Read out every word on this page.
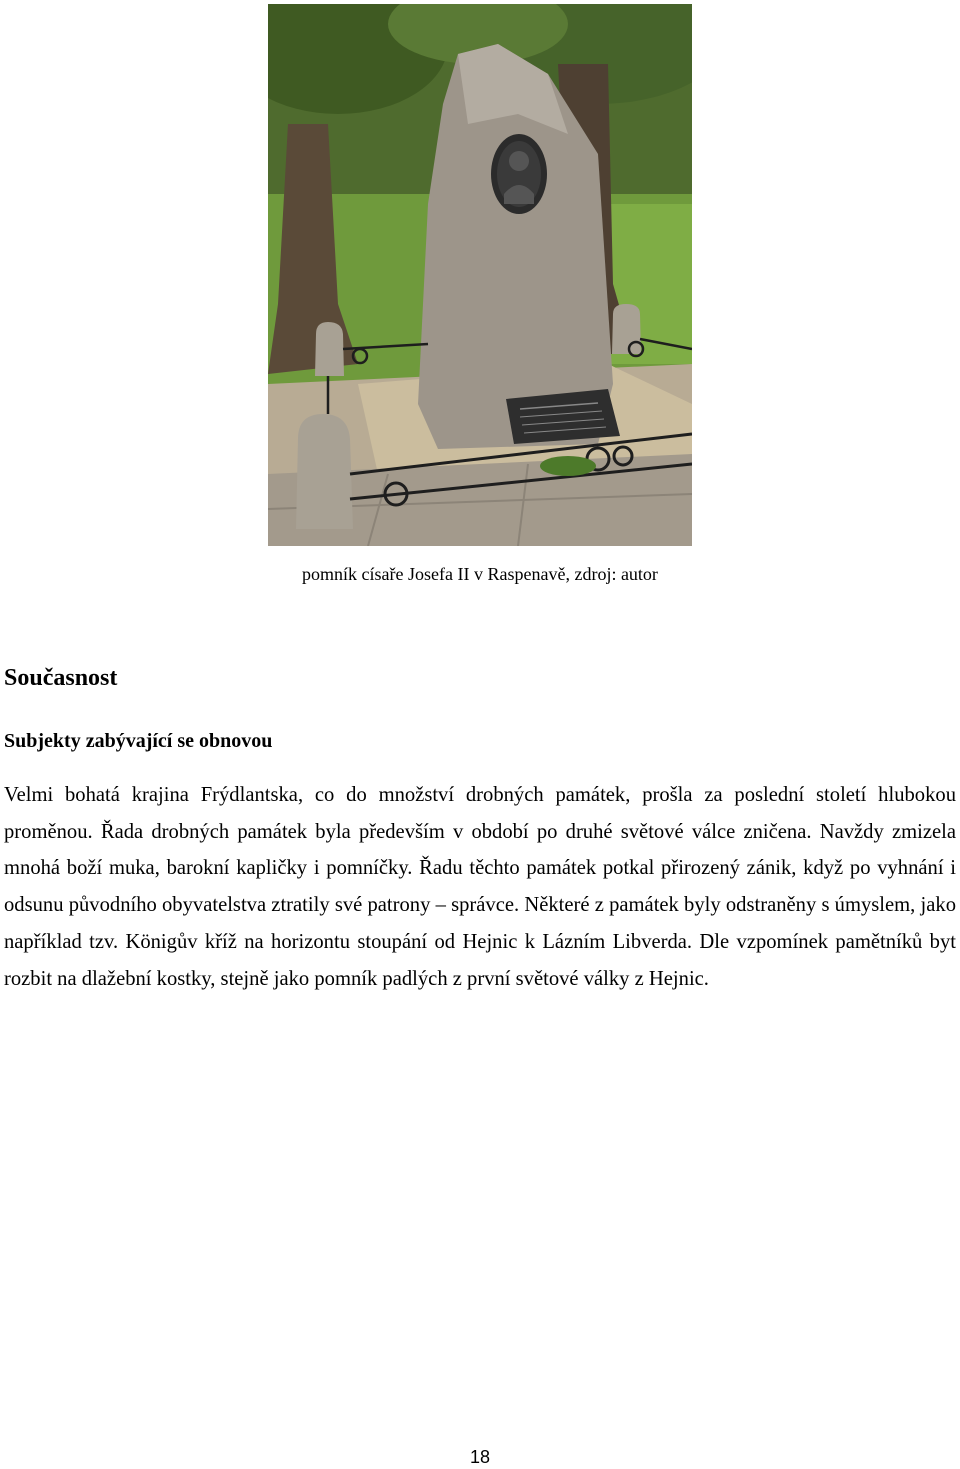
pomník císaře Josefa II v Raspenavě, zdroj: autor
Současnost
Subjekty zabývající se obnovou

Velmi bohatá krajina Frýdlantska, co do množství drobných památek, prošla za poslední století hlubokou proměnou. Řada drobných památek byla především v období po druhé světové válce zničena. Navždy zmizela mnohá boží muka, barokní kapličky i pomníčky. Řadu těchto památek potkal přirozený zánik, když po vyhnání i odsunu původního obyvatelstva ztratily své patrony – správce. Některé z památek byly odstraněny s úmyslem, jako například tzv. Königův kříž na horizontu stoupání od Hejnic k Lázním Libverda. Dle vzpomínek pamětníků byt rozbit na dlažební kostky, stejně jako pomník padlých z první světové války z Hejnic.

18
